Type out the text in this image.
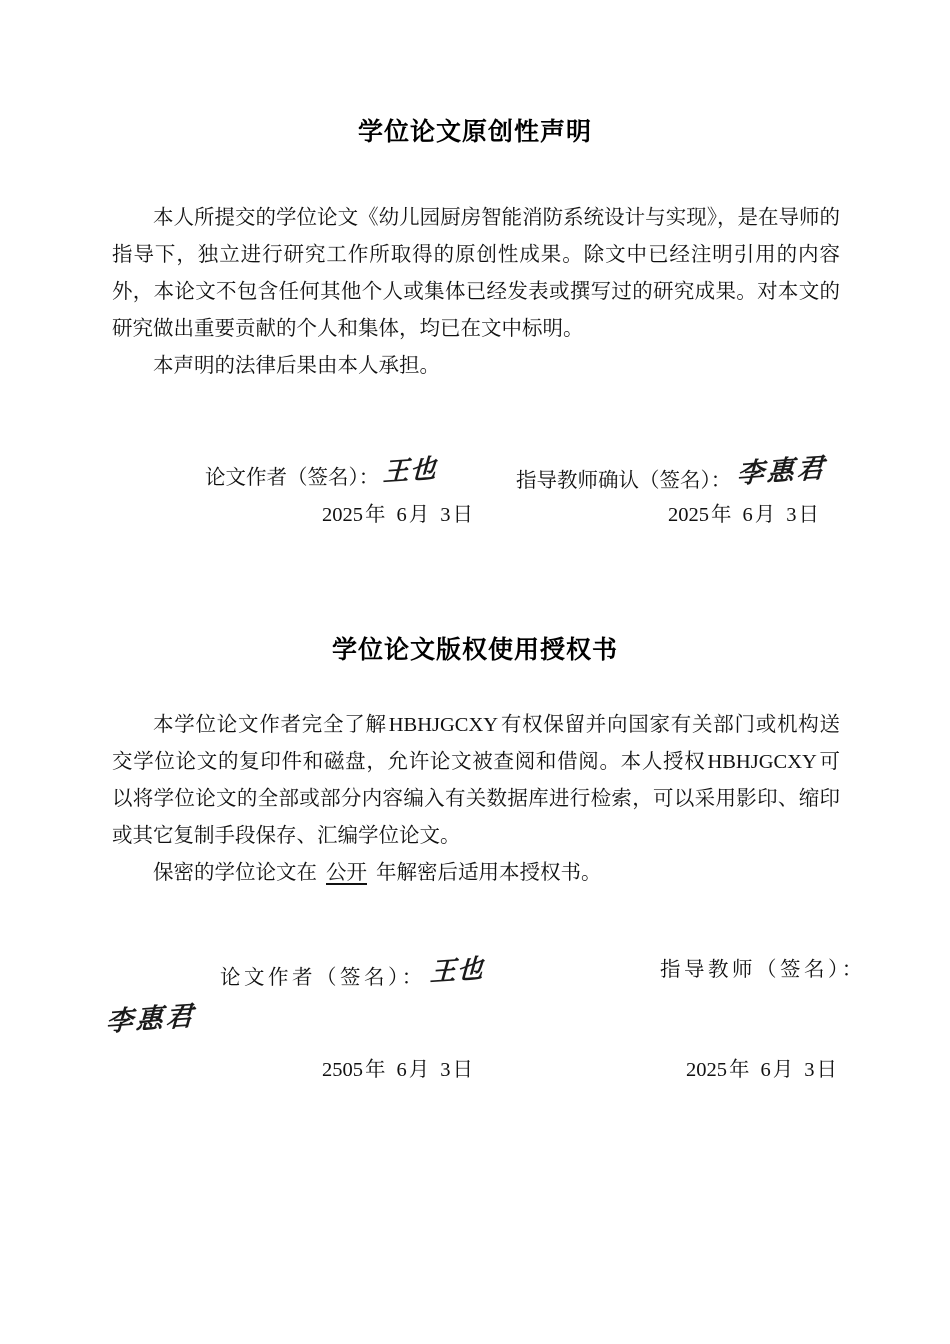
学位论文原创性声明

本人所提交的学位论文《幼儿园厨房智能消防系统设计与实现》，是在导师的指导下，独立进行研究工作所取得的原创性成果。除文中已经注明引用的内容外，本论文不包含任何其他个人或集体已经发表或撰写过的研究成果。对本文的研究做出重要贡献的个人和集体，均已在文中标明。

本声明的法律后果由本人承担。

论文作者（签名）： 王也	指导教师确认（签名）： 李惠君
2025年 6月 3日	2025年 6月 3日
学位论文版权使用授权书

本学位论文作者完全了解HBHJGCXY有权保留并向国家有关部门或机构送交学位论文的复印件和磁盘，允许论文被查阅和借阅。本人授权HBHJGCXY可以将学位论文的全部或部分内容编入有关数据库进行检索，可以采用影印、缩印或其它复制手段保存、汇编学位论文。

保密的学位论文在 公开 年解密后适用本授权书。

论文作者（签名）： 王也	指导教师（签名）：
李惠君
2505年 6月 3日	2025年 6月 3日
